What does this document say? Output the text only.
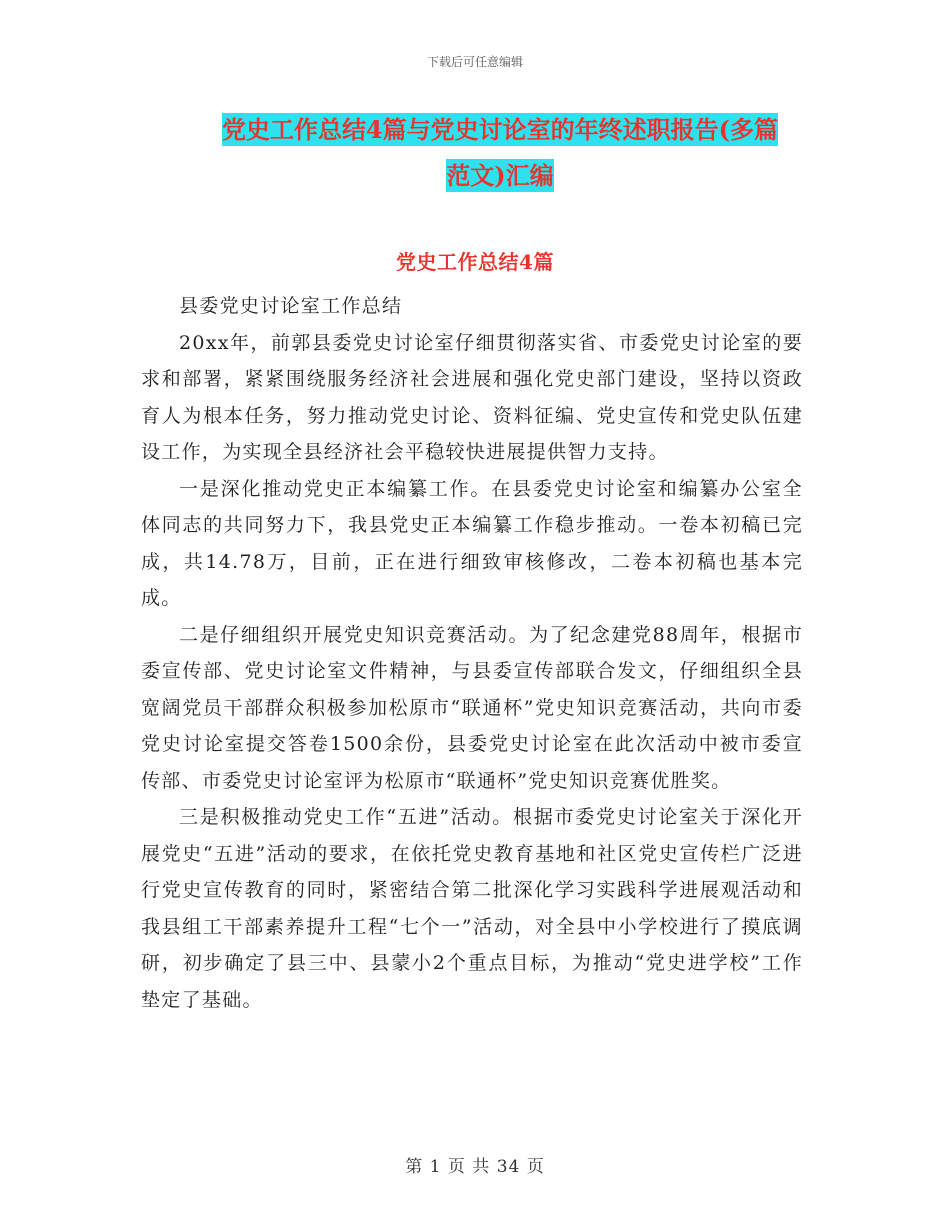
下载后可任意编辑
党史工作总结4篇与党史讨论室的年终述职报告(多篇
范文)汇编
党史工作总结4篇

县委党史讨论室工作总结

20xx年，前郭县委党史讨论室仔细贯彻落实省、市委党史讨论室的要求和部署，紧紧围绕服务经济社会进展和强化党史部门建设，坚持以资政育人为根本任务，努力推动党史讨论、资料征编、党史宣传和党史队伍建设工作，为实现全县经济社会平稳较快进展提供智力支持。

一是深化推动党史正本编纂工作。在县委党史讨论室和编纂办公室全体同志的共同努力下，我县党史正本编纂工作稳步推动。一卷本初稿已完成，共14.78万，目前，正在进行细致审核修改，二卷本初稿也基本完成。

二是仔细组织开展党史知识竞赛活动。为了纪念建党88周年，根据市委宣传部、党史讨论室文件精神，与县委宣传部联合发文，仔细组织全县宽阔党员干部群众积极参加松原市“联通杯”党史知识竞赛活动，共向市委党史讨论室提交答卷1500余份，县委党史讨论室在此次活动中被市委宣传部、市委党史讨论室评为松原市“联通杯”党史知识竞赛优胜奖。

三是积极推动党史工作“五进”活动。根据市委党史讨论室关于深化开展党史“五进”活动的要求，在依托党史教育基地和社区党史宣传栏广泛进行党史宣传教育的同时，紧密结合第二批深化学习实践科学进展观活动和我县组工干部素养提升工程“七个一”活动，对全县中小学校进行了摸底调研，初步确定了县三中、县蒙小2个重点目标，为推动“党史进学校”工作垫定了基础。

第 1 页 共 34 页
